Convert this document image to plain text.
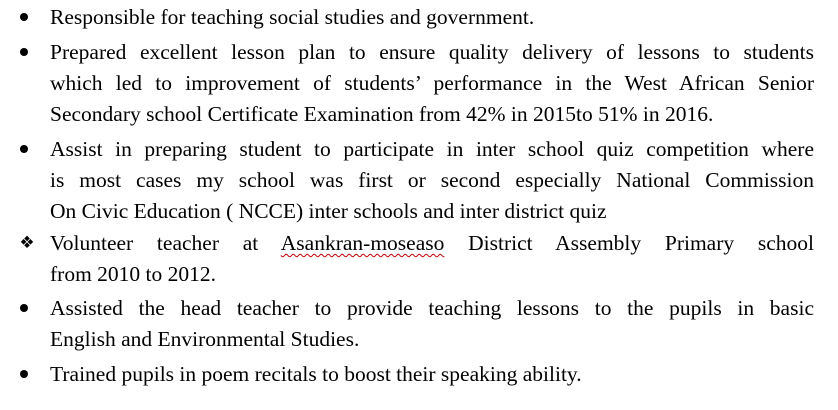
Responsible for teaching social studies and government.
Prepared excellent lesson plan to ensure quality delivery of lessons to students
which led to improvement of students’ performance in the West African Senior
Secondary school Certificate Examination from 42% in 2015to 51% in 2016.
Assist in preparing student to participate in inter school quiz competition where
is most cases my school was first or second especially National Commission
On Civic Education ( NCCE) inter schools and inter district quiz
❖ Volunteer teacher at Asankran-moseaso District Assembly Primary school
from 2010 to 2012.
Assisted the head teacher to provide teaching lessons to the pupils in basic
English and Environmental Studies.
Trained pupils in poem recitals to boost their speaking ability.
